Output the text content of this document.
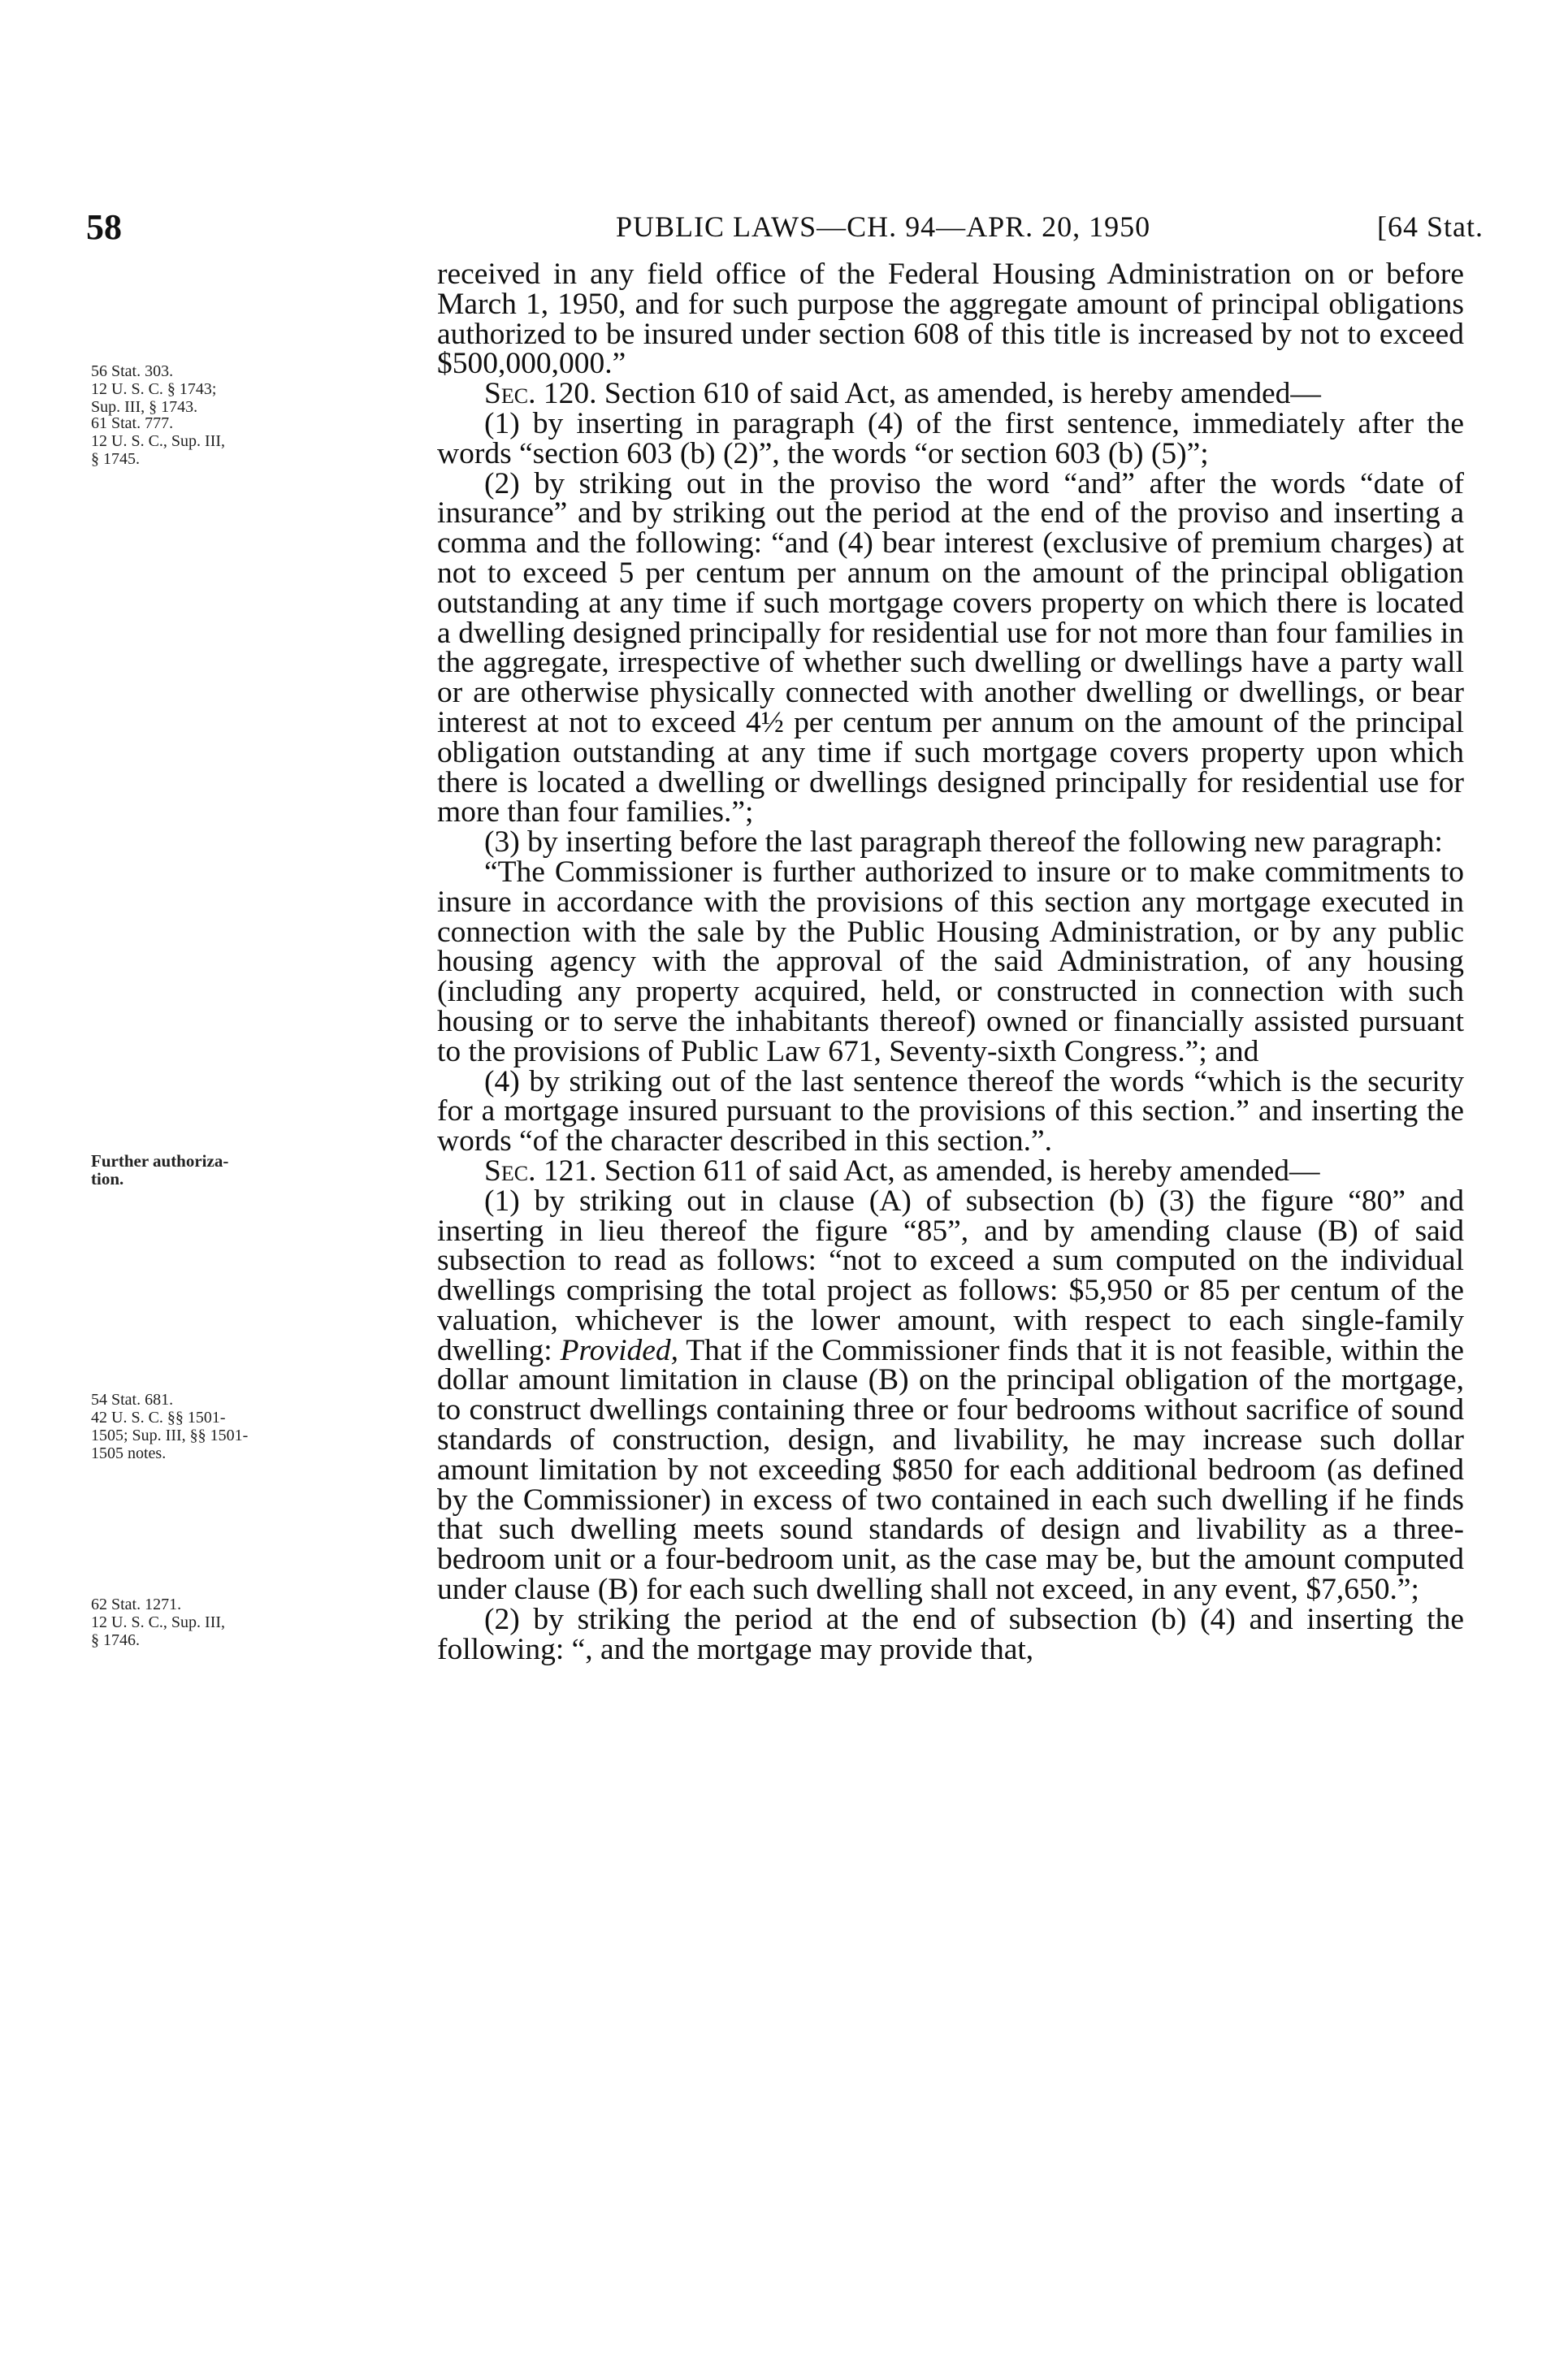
58	PUBLIC LAWS—CH. 94—APR. 20, 1950	[64 Stat.
56 Stat. 303.
12 U. S. C. § 1743;
Sup. III, § 1743.
61 Stat. 777.
12 U. S. C., Sup. III,
§ 1745.
Further authoriza-
tion.
54 Stat. 681.
42 U. S. C. §§ 1501-
1505; Sup. III, §§ 1501-
1505 notes.
62 Stat. 1271.
12 U. S. C., Sup. III,
§ 1746.

received in any field office of the Federal Housing Administration on or before March 1, 1950, and for such purpose the aggregate amount of principal obligations authorized to be insured under section 608 of this title is increased by not to exceed $500,000,000.”

Sec. 120. Section 610 of said Act, as amended, is hereby amended—

(1) by inserting in paragraph (4) of the first sentence, immediately after the words “section 603 (b) (2)”, the words “or section 603 (b) (5)”;

(2) by striking out in the proviso the word “and” after the words “date of insurance” and by striking out the period at the end of the proviso and inserting a comma and the following: “and (4) bear interest (exclusive of premium charges) at not to exceed 5 per centum per annum on the amount of the principal obligation outstanding at any time if such mortgage covers property on which there is located a dwelling designed principally for residential use for not more than four families in the aggregate, irrespective of whether such dwelling or dwellings have a party wall or are otherwise physically connected with another dwelling or dwellings, or bear interest at not to exceed 4½ per centum per annum on the amount of the principal obligation outstanding at any time if such mortgage covers property upon which there is located a dwelling or dwellings designed principally for residential use for more than four families.”;

(3) by inserting before the last paragraph thereof the following new paragraph:

“The Commissioner is further authorized to insure or to make commitments to insure in accordance with the provisions of this section any mortgage executed in connection with the sale by the Public Housing Administration, or by any public housing agency with the approval of the said Administration, of any housing (including any property acquired, held, or constructed in connection with such housing or to serve the inhabitants thereof) owned or financially assisted pursuant to the provisions of Public Law 671, Seventy-sixth Congress.”; and

(4) by striking out of the last sentence thereof the words “which is the security for a mortgage insured pursuant to the provisions of this section.” and inserting the words “of the character described in this section.”.

Sec. 121. Section 611 of said Act, as amended, is hereby amended—

(1) by striking out in clause (A) of subsection (b) (3) the figure “80” and inserting in lieu thereof the figure “85”, and by amending clause (B) of said subsection to read as follows: “not to exceed a sum computed on the individual dwellings comprising the total project as follows: $5,950 or 85 per centum of the valuation, whichever is the lower amount, with respect to each single-family dwelling: Provided, That if the Commissioner finds that it is not feasible, within the dollar amount limitation in clause (B) on the principal obligation of the mortgage, to construct dwellings containing three or four bedrooms without sacrifice of sound standards of construction, design, and livability, he may increase such dollar amount limitation by not exceeding $850 for each additional bedroom (as defined by the Commissioner) in excess of two contained in each such dwelling if he finds that such dwelling meets sound standards of design and livability as a three-bedroom unit or a four-bedroom unit, as the case may be, but the amount computed under clause (B) for each such dwelling shall not exceed, in any event, $7,650.”;

(2) by striking the period at the end of subsection (b) (4) and inserting the following: “, and the mortgage may provide that,
